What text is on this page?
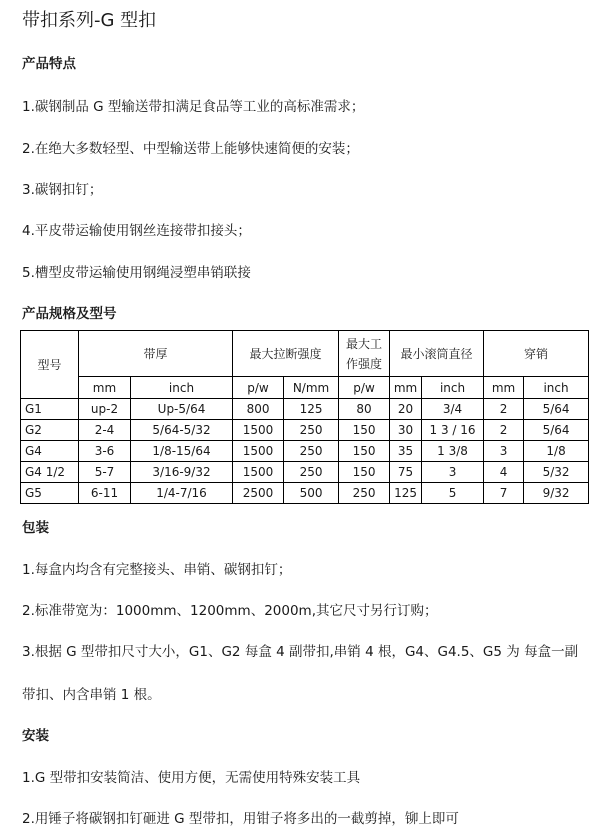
带扣系列-G 型扣
产品特点

1.碳钢制品 G 型输送带扣满足食品等工业的高标准需求；

2.在绝大多数轻型、中型输送带上能够快速简便的安装；

3.碳钢扣钉；

4.平皮带运输使用钢丝连接带扣接头；

5.槽型皮带运输使用钢绳浸塑串销联接

产品规格及型号
型号	带厚		最大拉断强度		最大工作强度	最小滚筒直径		穿销	
	mm	inch	p/w	N/mm	p/w	mm	inch	mm	inch
G1	up-2	Up-5/64	800	125	80	20	3/4	2	5/64
G2	2-4	5/64-5/32	1500	250	150	30	1 3 / 16	2	5/64
G4	3-6	1/8-15/64	1500	250	150	35	1 3/8	3	1/8
G4 1/2	5-7	3/16-9/32	1500	250	150	75	3	4	5/32
G5	6-11	1/4-7/16	2500	500	250	125	5	7	9/32
包装

1.每盒内均含有完整接头、串销、碳钢扣钉；

2.标准带宽为：1000mm、1200mm、2000m,其它尺寸另行订购；

3.根据 G 型带扣尺寸大小，G1、G2 每盒 4 副带扣,串销 4 根，G4、G4.5、G5 为 每盒一副

带扣、内含串销 1 根。

安装

1.G 型带扣安装简洁、使用方便，无需使用特殊安装工具

2.用锤子将碳钢扣钉砸进 G 型带扣，用钳子将多出的一截剪掉，铆上即可
